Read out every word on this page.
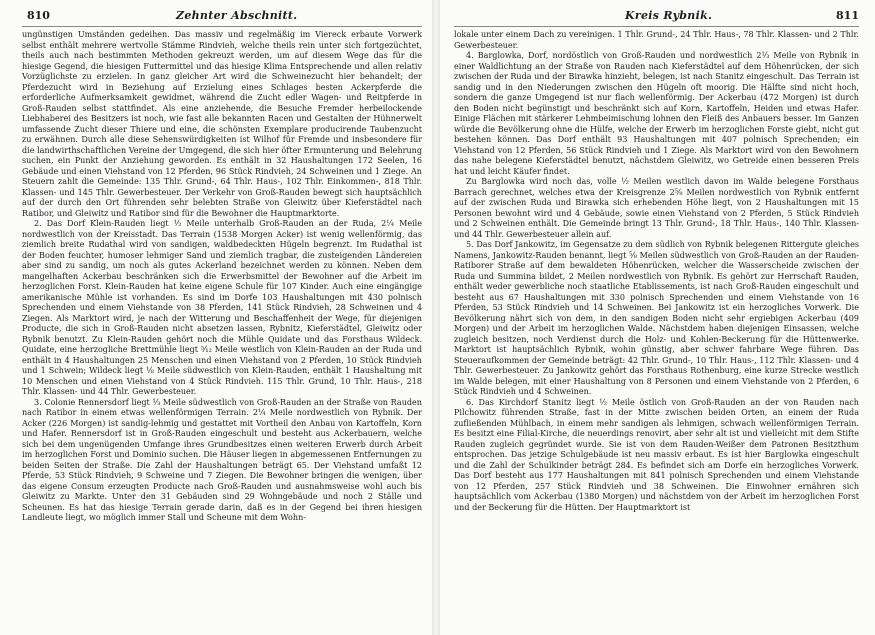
810	Zehnter Abschnitt.

ungünstigen Umständen gedeihen. Das massiv und regelmäßig im Viereck erbaute Vorwerk selbst enthält mehrere wertvolle Stämme Rindvieh, welche theils rein unter sich fortgezüchtet, theils auch nach bestimmten Methoden gekreuzt werden, um auf diesem Wege das für die hiesige Gegend, die hiesigen Futtermittel und das hiesige Klima Entsprechende und allen relativ Vorzüglichste zu erzielen. In ganz gleicher Art wird die Schweinezucht hier behandelt; der Pferdezucht wird in Beziehung auf Erzielung eines Schlages besten Ackerpferde die erforderliche Aufmerksamkeit gewidmet, während die Zucht edler Wagen- und Reitpferde in Groß-Rauden selbst stattfindet. Als eine anziehende, die Besuche Fremder herbeilockende Liebhaberei des Besitzers ist noch, wie fast alle bekannten Racen und Gestalten der Hühnerwelt umfassende Zucht dieser Thiere und eine, die schönsten Exemplare producirende Taubenzucht zu erwähnen. Durch alle diese Sehenswürdigkeiten ist Wilhof für Fremde und insbesondere für die landwirthschaftlichen Vereine der Umgegend, die sich hier öfter Ermunterung und Belehrung suchen, ein Punkt der Anziehung geworden. Es enthält in 32 Haushaltungen 172 Seelen, 16 Gebäude und einen Viehstand von 12 Pferden, 96 Stück Rindvieh, 24 Schweinen und 1 Ziege. An Steuern zahlt die Gemeinde: 135 Thlr. Grund-, 64 Thlr. Haus-, 102 Thlr. Einkommen-, 818 Thlr. Klassen- und 145 Thlr. Gewerbesteuer. Der Verkehr von Groß-Rauden bewegt sich hauptsächlich auf der durch den Ort führenden sehr belebten Straße von Gleiwitz über Kieferstädtel nach Ratibor, und Gleiwitz und Ratibor sind für die Bewohner die Hauptmarktorte.

2. Das Dorf Klein-Rauden liegt ½ Meile unterhalb Groß-Rauden an der Ruda, 2¼ Meile nordwestlich von der Kreisstadt. Das Terrain (1538 Morgen Acker) ist wenig wellenförmig, das ziemlich breite Rudathal wird von sandigen, waldbedeckten Hügeln begrenzt. Im Rudathal ist der Boden feuchter, humoser lehmiger Sand und ziemlich tragbar, die zusteigenden Ländereien aber sind zu sandig, um noch als gutes Ackerland bezeichnet werden zu können. Neben dem mangelhaften Ackerbau beschränken sich die Erwerbsmittel der Bewohner auf die Arbeit im herzoglichen Forst. Klein-Rauden hat keine eigene Schule für 107 Kinder. Auch eine eingängige amerikanische Mühle ist vorhanden. Es sind im Dorfe 103 Haushaltungen mit 430 polnisch Sprechenden und einem Viehstande von 38 Pferden, 141 Stück Rindvieh, 28 Schweinen und 4 Ziegen. Als Marktort wird, je nach der Witterung und Beschaffenheit der Wege, für diejenigen Producte, die sich in Groß-Rauden nicht absetzen lassen, Rybnitz, Kieferstädtel, Gleiwitz oder Rybnik benutzt. Zu Klein-Rauden gehört noch die Mühle Quidate und das Forsthaus Wildeck. Quidate, eine herzogliche Brettmühle liegt ⁵⁄₁₂ Meile westlich von Klein-Rauden an der Ruda und enthält in 4 Haushaltungen 25 Menschen und einen Viehstand von 2 Pferden, 10 Stück Rindvieh und 1 Schwein; Wildeck liegt ⅛ Meile südwestlich von Klein-Rauden, enthält 1 Haushaltung mit 10 Menschen und einen Viehstand von 4 Stück Rindvieh. 115 Thlr. Grund, 10 Thlr. Haus-, 218 Thlr. Klassen- und 44 Thlr. Gewerbesteuer.

3. Colonie Rennersdorf liegt ⅓ Meile südwestlich von Groß-Rauden an der Straße von Rauden nach Ratibor in einem etwas wellenförmigen Terrain. 2¼ Meile nordwestlich von Rybnik. Der Acker (226 Morgen) ist sandig-lehmig und gestattet mit Vortheil den Anbau von Kartoffeln, Korn und Hafer. Rennersdorf ist in Groß-Rauden eingeschult und besteht aus Ackerbauern, welche sich bei dem ungenügenden Umfange ihres Grundbesitzes einen weiteren Erwerb durch Arbeit im herzoglichen Forst und Dominio suchen. Die Häuser liegen in abgemessenen Entfernungen zu beiden Seiten der Straße. Die Zahl der Haushaltungen beträgt 65. Der Viehstand umfaßt 12 Pferde, 53 Stück Rindvieh, 9 Schweine und 7 Ziegen. Die Bewohner bringen die wenigen, über das eigene Consum erzeugten Producte nach Groß-Rauden und ausnahmsweise wohl auch bis Gleiwitz zu Markte. Unter den 31 Gebäuden sind 29 Wohngebäude und noch 2 Ställe und Scheunen. Es hat das hiesige Terrain gerade darin, daß es in der Gegend bei ihren hiesigen Landleute liegt, wo möglich immer Stall und Scheune mit dem Wohn-

Kreis Rybnik.	811

lokale unter einem Dach zu vereinigen. 1 Thlr. Grund-, 24 Thlr. Haus-, 78 Thlr. Klassen- und 2 Thlr. Gewerbesteuer.

4. Barglowka, Dorf, nordöstlich von Groß-Rauden und nordwestlich 2⅓ Meile von Rybnik in einer Waldlichtung an der Straße von Rauden nach Kieferstädtel auf dem Höhenrücken, der sich zwischen der Ruda und der Birawka hinzieht, belegen, ist nach Stanitz eingeschult. Das Terrain ist sandig und in den Niederungen zwischen den Hügeln oft moorig. Die Hälfte sind nicht hoch, sondern die ganze Umgegend ist nur flach wellenförmig. Der Ackerbau (472 Morgen) ist durch den Boden nicht begünstigt und beschränkt sich auf Korn, Kartoffeln, Heiden und etwas Hafer. Einige Flächen mit stärkerer Lehmbeimischung lohnen den Fleiß des Anbauers besser. Im Ganzen würde die Bevölkerung ohne die Hülfe, welche der Erwerb im herzoglichen Forste giebt, nicht gut bestehen können. Das Dorf enthält 93 Haushaltungen mit 407 polnisch Sprechenden; ein Viehstand von 12 Pferden, 56 Stück Rindvieh und 1 Ziege. Als Marktort wird von den Bewohnern das nahe belegene Kieferstädtel benutzt, nächstdem Gleiwitz, wo Getreide einen besseren Preis hat und leicht Käufer findet.

Zu Barglowka wird noch das, volle ½ Meilen westlich davon im Walde belegene Forsthaus Barrach gerechnet, welches etwa der Kreisgrenze 2⅝ Meilen nordwestlich von Rybnik entfernt auf der zwischen Ruda und Birawka sich erhebenden Höhe liegt, von 2 Haushaltungen mit 15 Personen bewohnt wird und 4 Gebäude, sowie einen Viehstand von 2 Pferden, 5 Stück Rindvieh und 2 Schweinen enthält. Die Gemeinde bringt 13 Thlr. Grund-, 18 Thlr. Haus-, 140 Thlr. Klassen- und 44 Thlr. Gewerbesteuer allein auf.

5. Das Dorf Jankowitz, im Gegensatze zu dem südlich von Rybnik belegenen Rittergute gleiches Namens, Jankowitz-Rauden benannt, liegt ⅝ Meilen südwestlich von Groß-Rauden an der Rauden-Ratiborer Straße auf dem bewaldeten Höhenrücken, welcher die Wasserscheide zwischen der Ruda und Summina bildet, 2 Meilen nordwestlich von Rybnik. Es gehört zur Herrschaft Rauden, enthält weder gewerbliche noch staatliche Etablissements, ist nach Groß-Rauden eingeschult und besteht aus 67 Haushaltungen mit 330 polnisch Sprechenden und einem Viehstande von 16 Pferden, 53 Stück Rindvieh und 14 Schweinen. Bei Jankowitz ist ein herzogliches Vorwerk. Die Bevölkerung nährt sich von dem, in den sandigen Boden nicht sehr ergiebigen Ackerbau (409 Morgen) und der Arbeit im herzoglichen Walde. Nächstdem haben diejenigen Einsassen, welche zugleich besitzen, noch Verdienst durch die Holz- und Kohlen-Beckerung für die Hüttenwerke. Marktort ist hauptsächlich Rybnik, wohin günstig, aber schwer fahrbare Wege führen. Das Steueraufkommen der Gemeinde beträgt: 42 Thlr. Grund-, 10 Thlr. Haus-, 112 Thlr. Klassen- und 4 Thlr. Gewerbesteuer. Zu Jankowitz gehört das Forsthaus Rothenburg, eine kurze Strecke westlich im Walde belegen, mit einer Haushaltung von 8 Personen und einem Viehstande von 2 Pferden, 6 Stück Rindvieh und 4 Schweinen.

6. Das Kirchdorf Stanitz liegt ½ Meile östlich von Groß-Rauden an der von Rauden nach Pilchowitz führenden Straße, fast in der Mitte zwischen beiden Orten, an einem der Ruda zufließenden Mühlbach, in einem mehr sandigen als lehmigen, schwach wellenförmigen Terrain. Es besitzt eine Filial-Kirche, die neuerdings renovirt, aber sehr alt ist und vielleicht mit dem Stifte Rauden zugleich gegründet wurde. Sie ist von dem Rauden-Weißer dem Patronen Besitzthum entsprochen. Das jetzige Schulgebäude ist neu massiv erbaut. Es ist hier Barglowka eingeschult und die Zahl der Schulkinder beträgt 284. Es befindet sich am Dorfe ein herzogliches Vorwerk. Das Dorf besteht aus 177 Haushaltungen mit 841 polnisch Sprechenden und einem Viehstande von 12 Pferden, 257 Stück Rindvieh und 38 Schweinen. Die Einwohner ernähren sich hauptsächlich vom Ackerbau (1380 Morgen) und nächstdem von der Arbeit im herzoglichen Forst und der Beckerung für die Hütten. Der Hauptmarktort ist
